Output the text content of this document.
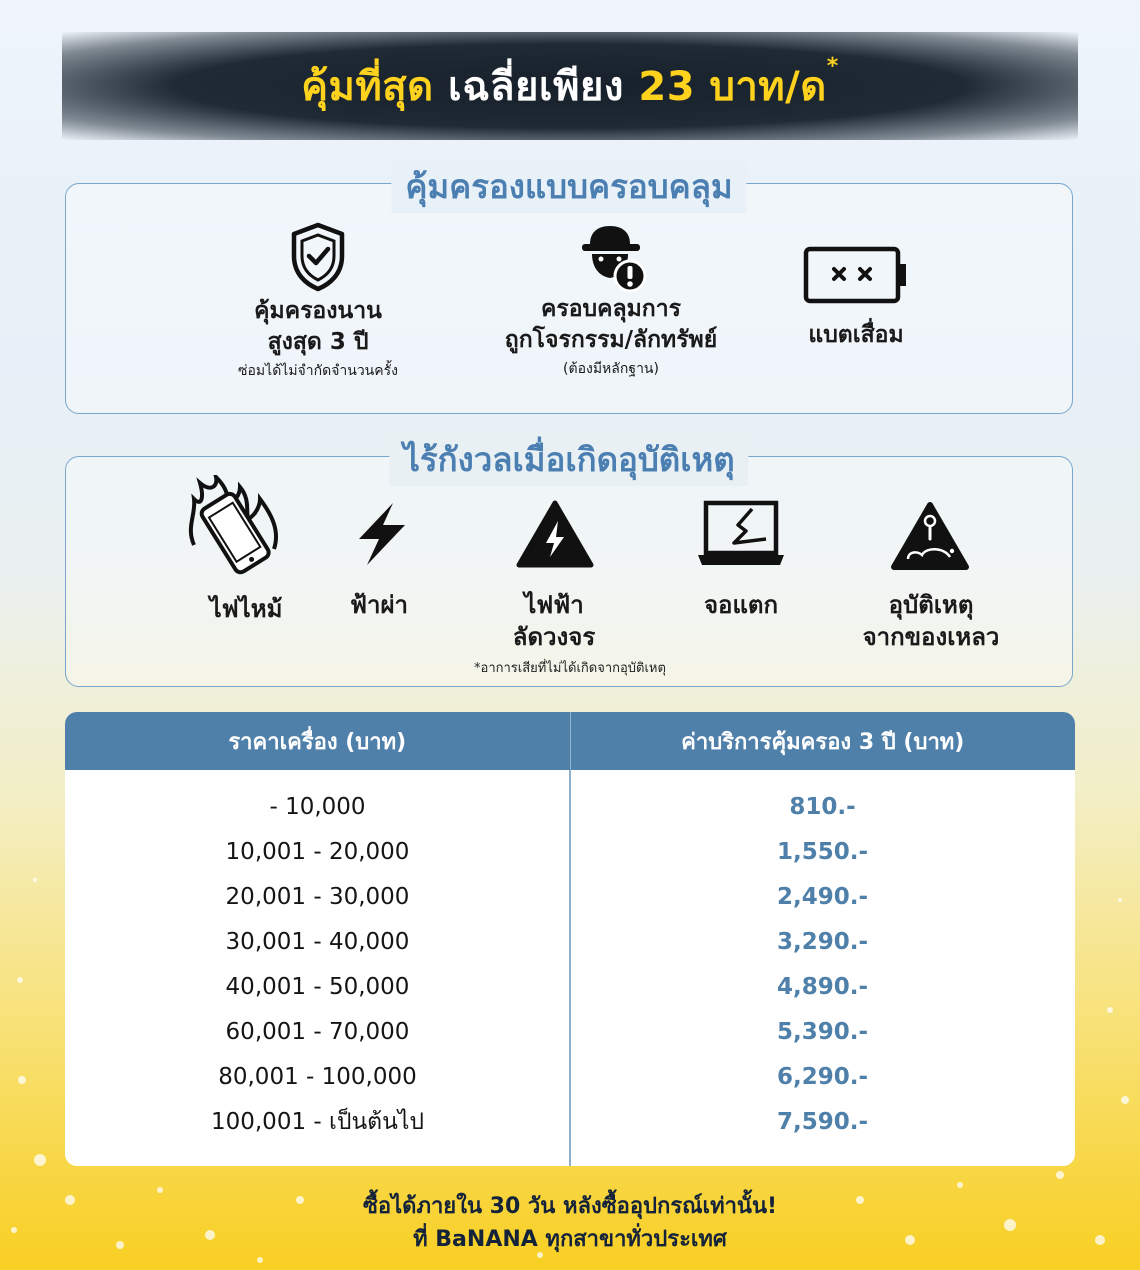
คุ้มที่สุด เฉลี่ยเพียง 23 บาท/ด*
คุ้มครองแบบครอบคลุม
คุ้มครองนาน
สูงสุด 3 ปี
ซ่อมได้ไม่จำกัดจำนวนครั้ง
ครอบคลุมการ
ถูกโจรกรรม/ลักทรัพย์
(ต้องมีหลักฐาน)
แบตเสื่อม
ไร้กังวลเมื่อเกิดอุบัติเหตุ
ไฟไหม้	ฟ้าผ่า	ไฟฟ้า
ลัดวงจร
จอแตก	อุบัติเหตุ
จากของเหลว
*อาการเสียที่ไม่ได้เกิดจากอุบัติเหตุ
ราคาเครื่อง (บาท)	ค่าบริการคุ้มครอง 3 ปี (บาท)
- 10,000	810.-
10,001 - 20,000	1,550.-
20,001 - 30,000	2,490.-
30,001 - 40,000	3,290.-
40,001 - 50,000	4,890.-
60,001 - 70,000	5,390.-
80,001 - 100,000	6,290.-
100,001 - เป็นต้นไป	7,590.-
ซื้อได้ภายใน 30 วัน หลังซื้ออุปกรณ์เท่านั้น!
ที่ BaNANA ทุกสาขาทั่วประเทศ
